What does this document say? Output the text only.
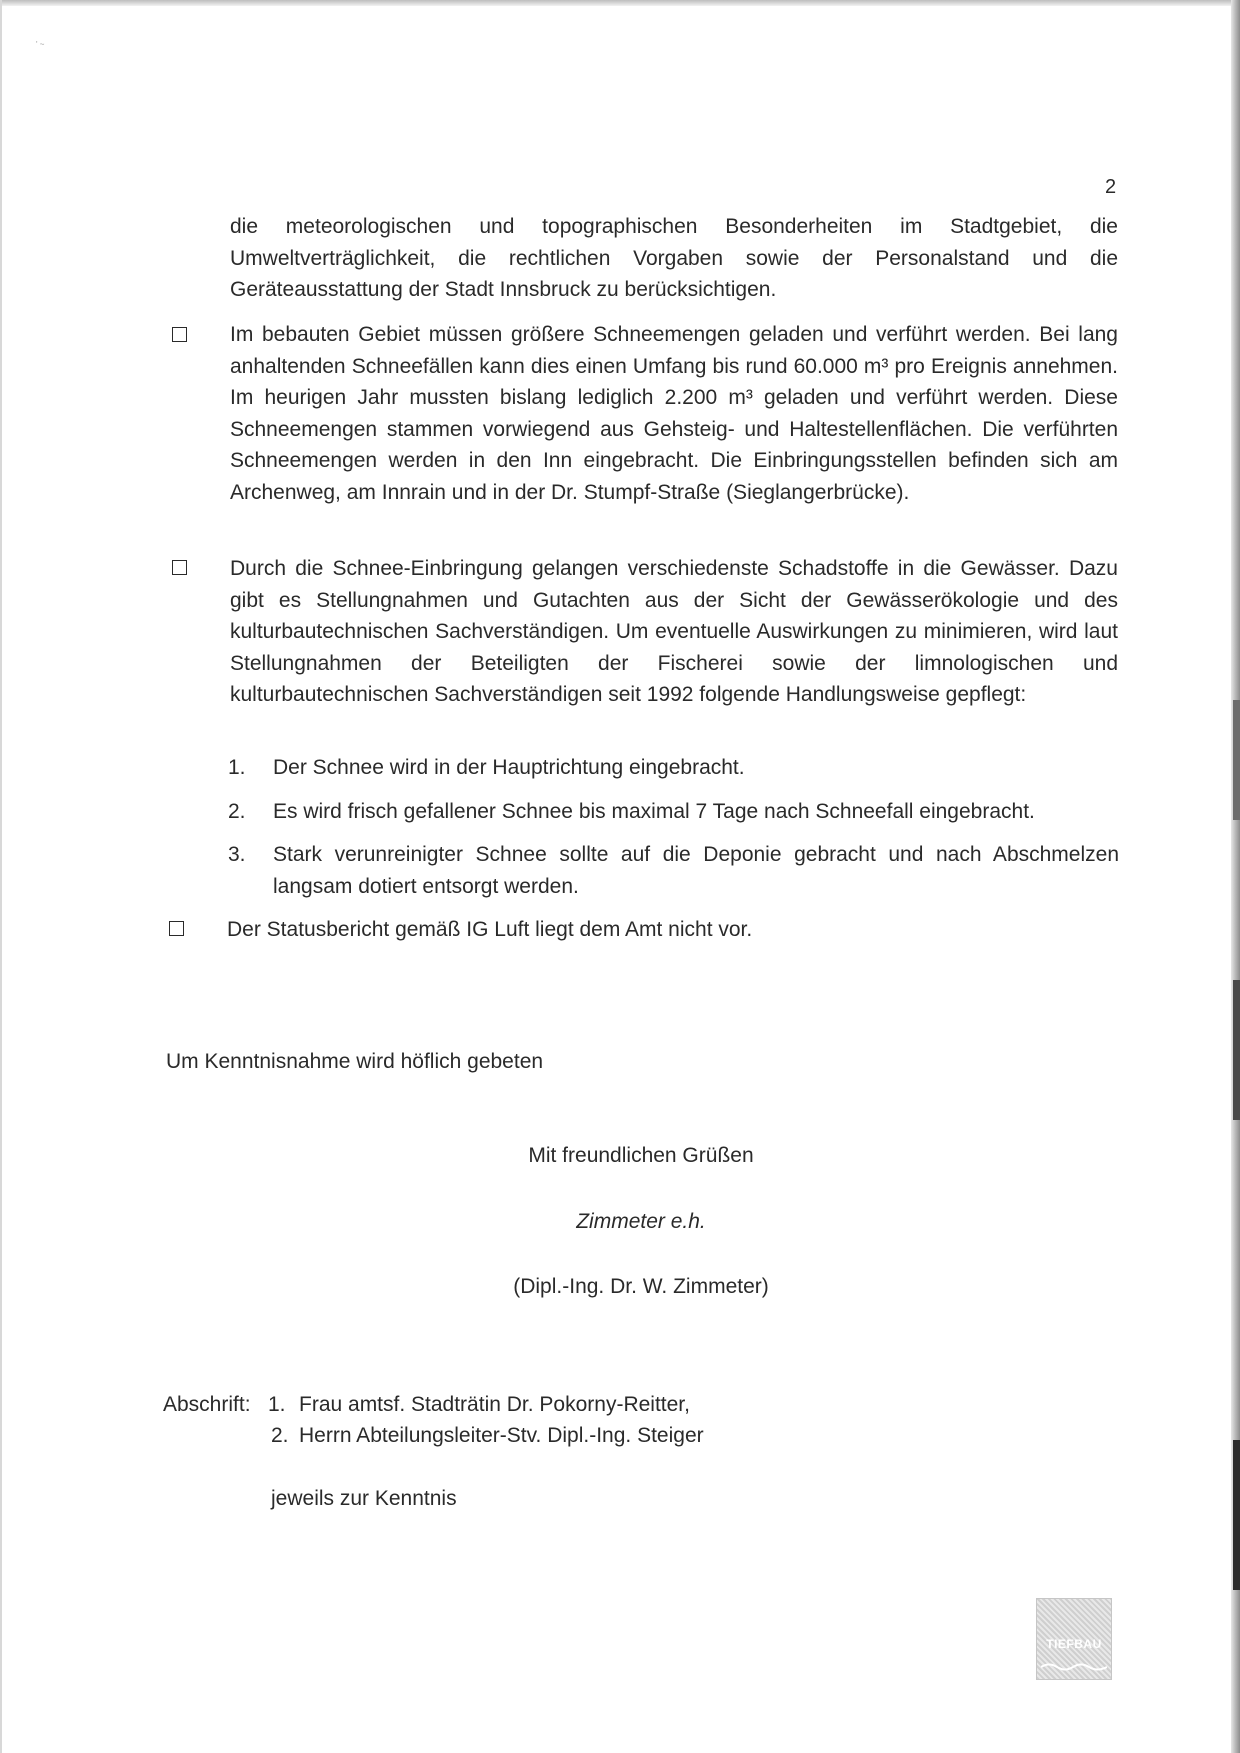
' ~
2
die meteorologischen und topographischen Besonderheiten im Stadtgebiet, die Umweltverträglichkeit, die rechtlichen Vorgaben sowie der Personalstand und die Geräteausstattung der Stadt Innsbruck zu berücksichtigen.
Im bebauten Gebiet müssen größere Schneemengen geladen und verführt werden. Bei lang anhaltenden Schneefällen kann dies einen Umfang bis rund 60.000 m³ pro Ereignis annehmen. Im heurigen Jahr mussten bislang lediglich 2.200 m³ geladen und verführt werden. Diese Schneemengen stammen vorwiegend aus Gehsteig- und Haltestellenflächen. Die verführten Schneemengen werden in den Inn eingebracht. Die Einbringungsstellen befinden sich am Archenweg, am Innrain und in der Dr. Stumpf-Straße (Sieglangerbrücke).
Durch die Schnee-Einbringung gelangen verschiedenste Schadstoffe in die Gewässer. Dazu gibt es Stellungnahmen und Gutachten aus der Sicht der Gewässerökologie und des kulturbautechnischen Sachverständigen. Um eventuelle Auswirkungen zu minimieren, wird laut Stellungnahmen der Beteiligten der Fischerei sowie der limnologischen und kulturbautechnischen Sachverständigen seit 1992 folgende Handlungsweise gepflegt:
1. Der Schnee wird in der Hauptrichtung eingebracht.
2. Es wird frisch gefallener Schnee bis maximal 7 Tage nach Schneefall eingebracht.
3. Stark verunreinigter Schnee sollte auf die Deponie gebracht und nach Abschmelzen langsam dotiert entsorgt werden.
Der Statusbericht gemäß IG Luft liegt dem Amt nicht vor.
Um Kenntnisnahme wird höflich gebeten
Mit freundlichen Grüßen
Zimmeter e.h.
(Dipl.-Ing. Dr. W. Zimmeter)
Abschrift: 1. Frau amtsf. Stadträtin Dr. Pokorny-Reitter,
2. Herrn Abteilungsleiter-Stv. Dipl.-Ing. Steiger
jeweils zur Kenntnis
TIEFBAU
